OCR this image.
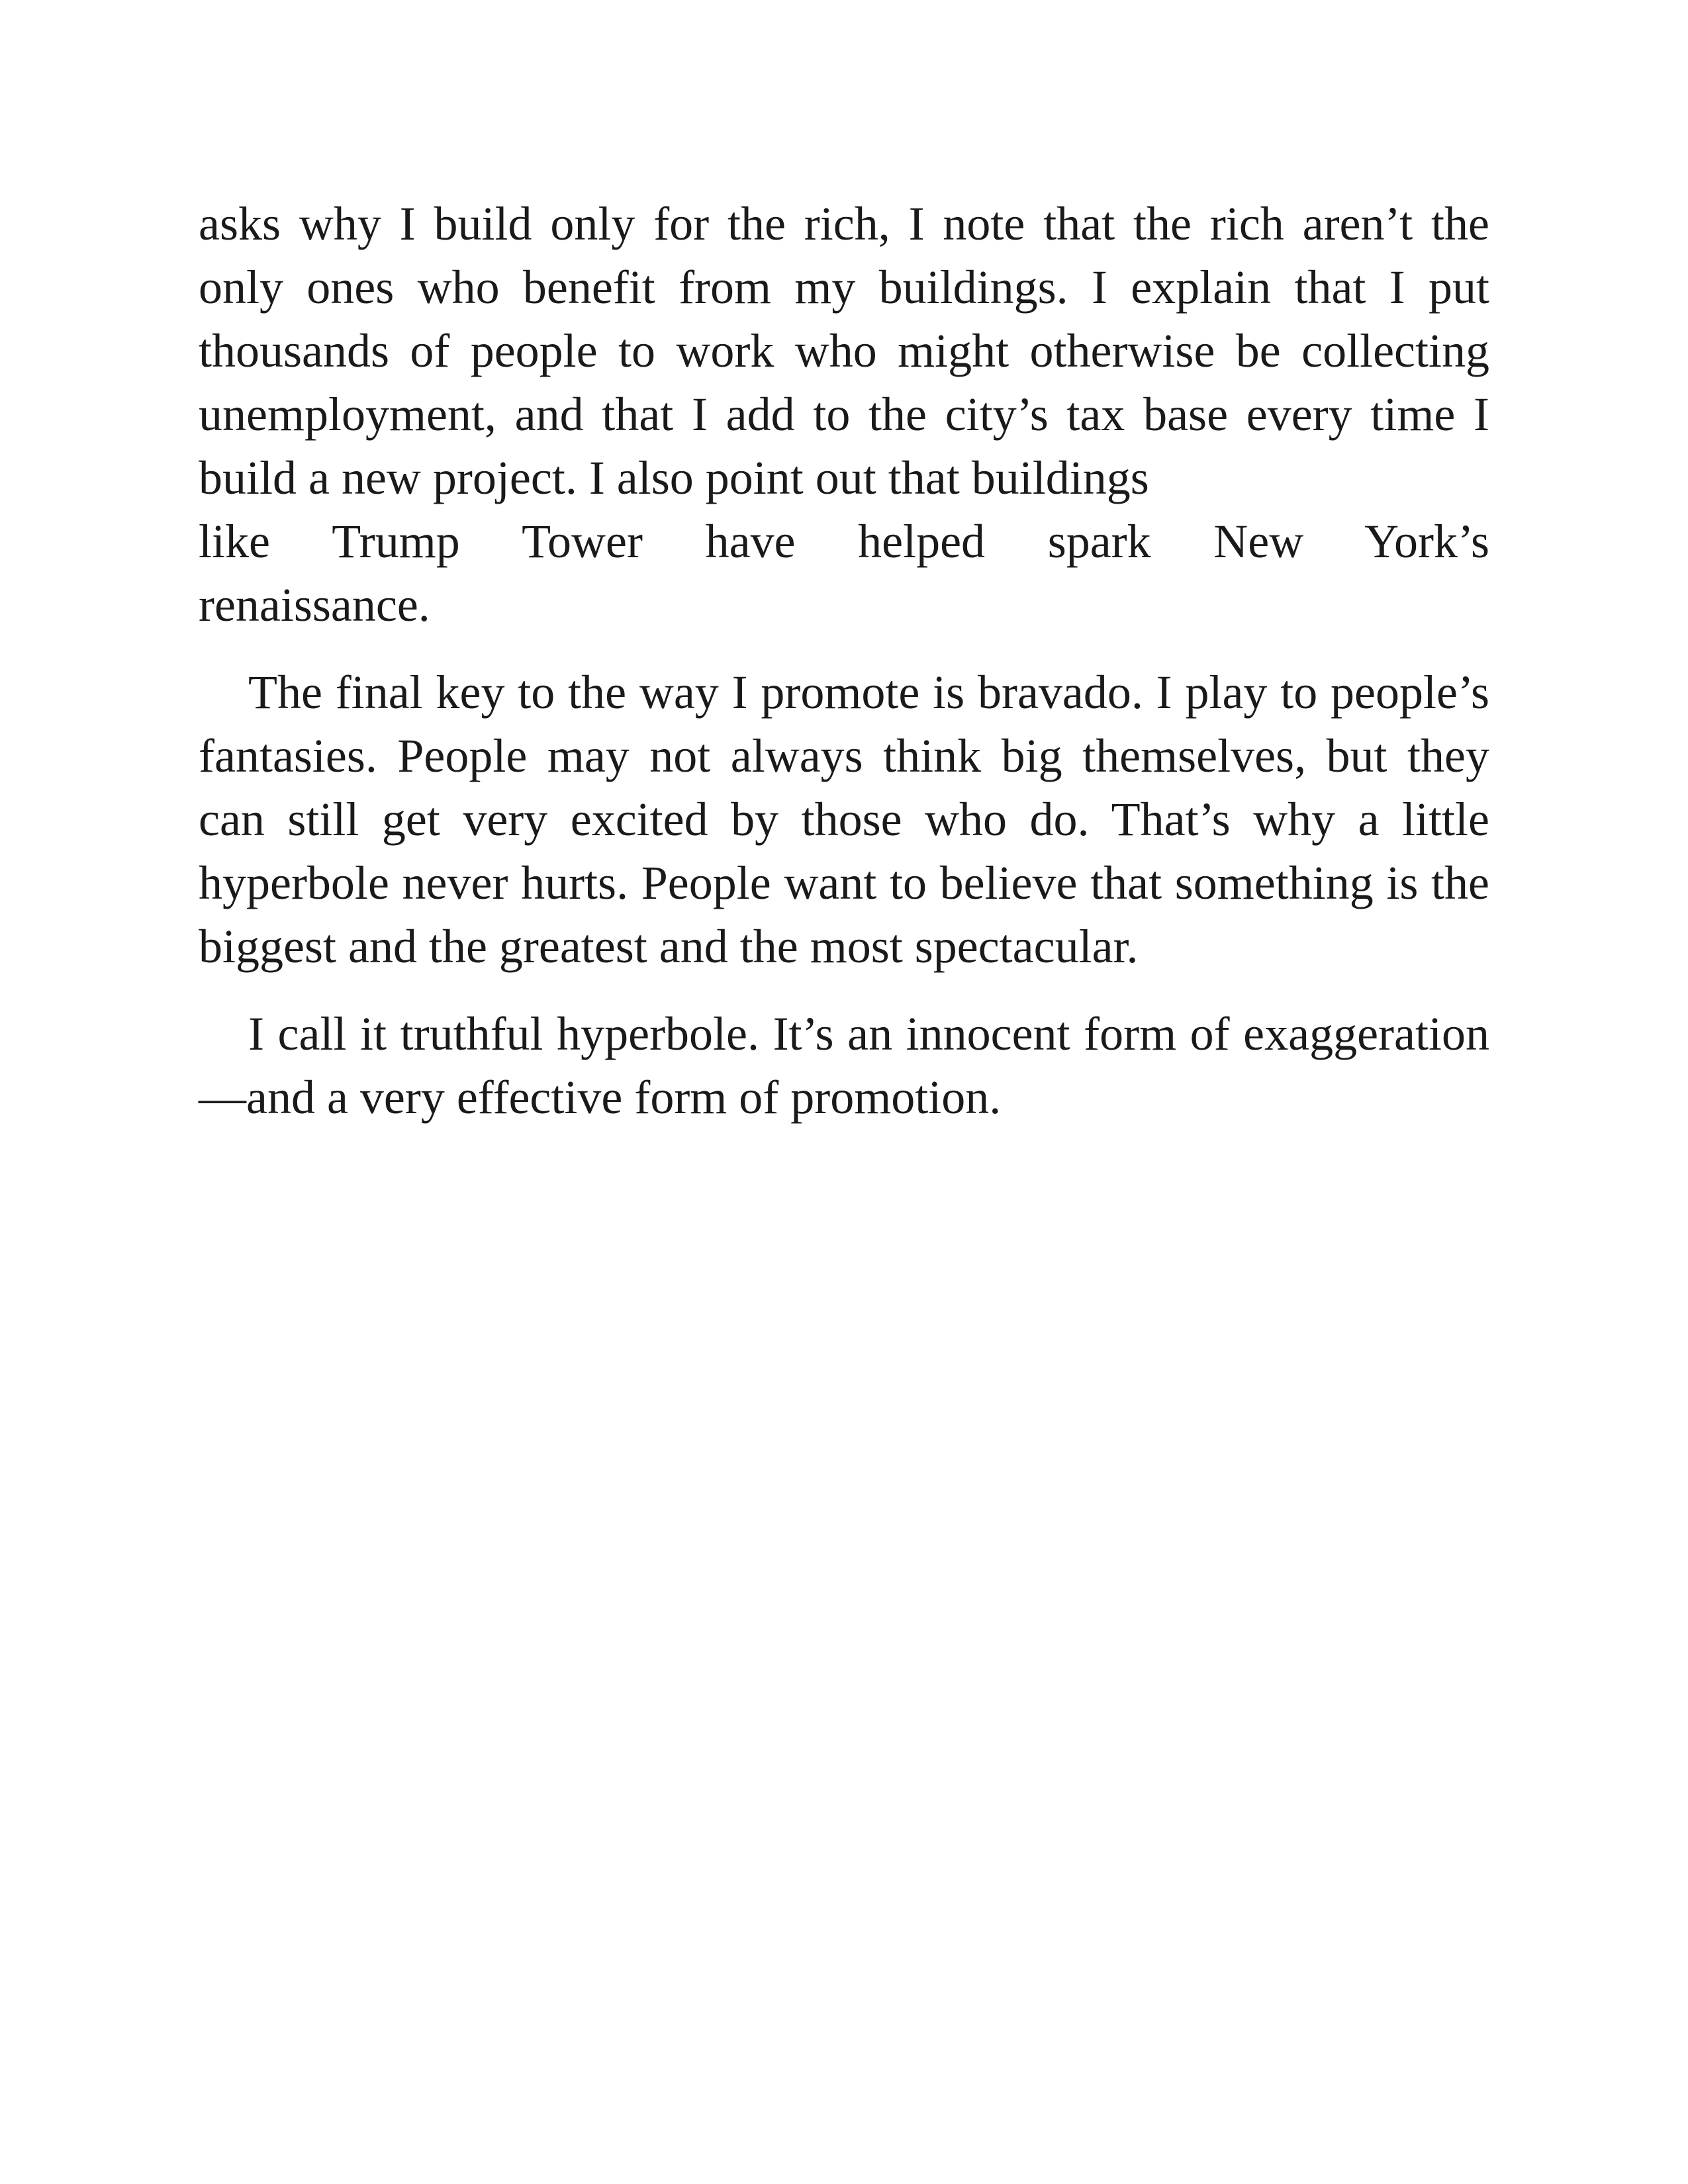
asks why I build only for the rich, I note that the rich aren’t the only ones who benefit from my buildings. I explain that I put thousands of people to work who might otherwise be collecting unemployment, and that I add to the city’s tax base every time I build a new project. I also point out that buildings
like Trump Tower have helped spark New York’s
renaissance.

The final key to the way I promote is bravado. I play to people’s fantasies. People may not always think big themselves, but they can still get very excited by those who do. That’s why a little hyperbole never hurts. People want to believe that something is the biggest and the greatest and the most spectacular.

I call it truthful hyperbole. It’s an innocent form of exaggeration—and a very effective form of promotion.
